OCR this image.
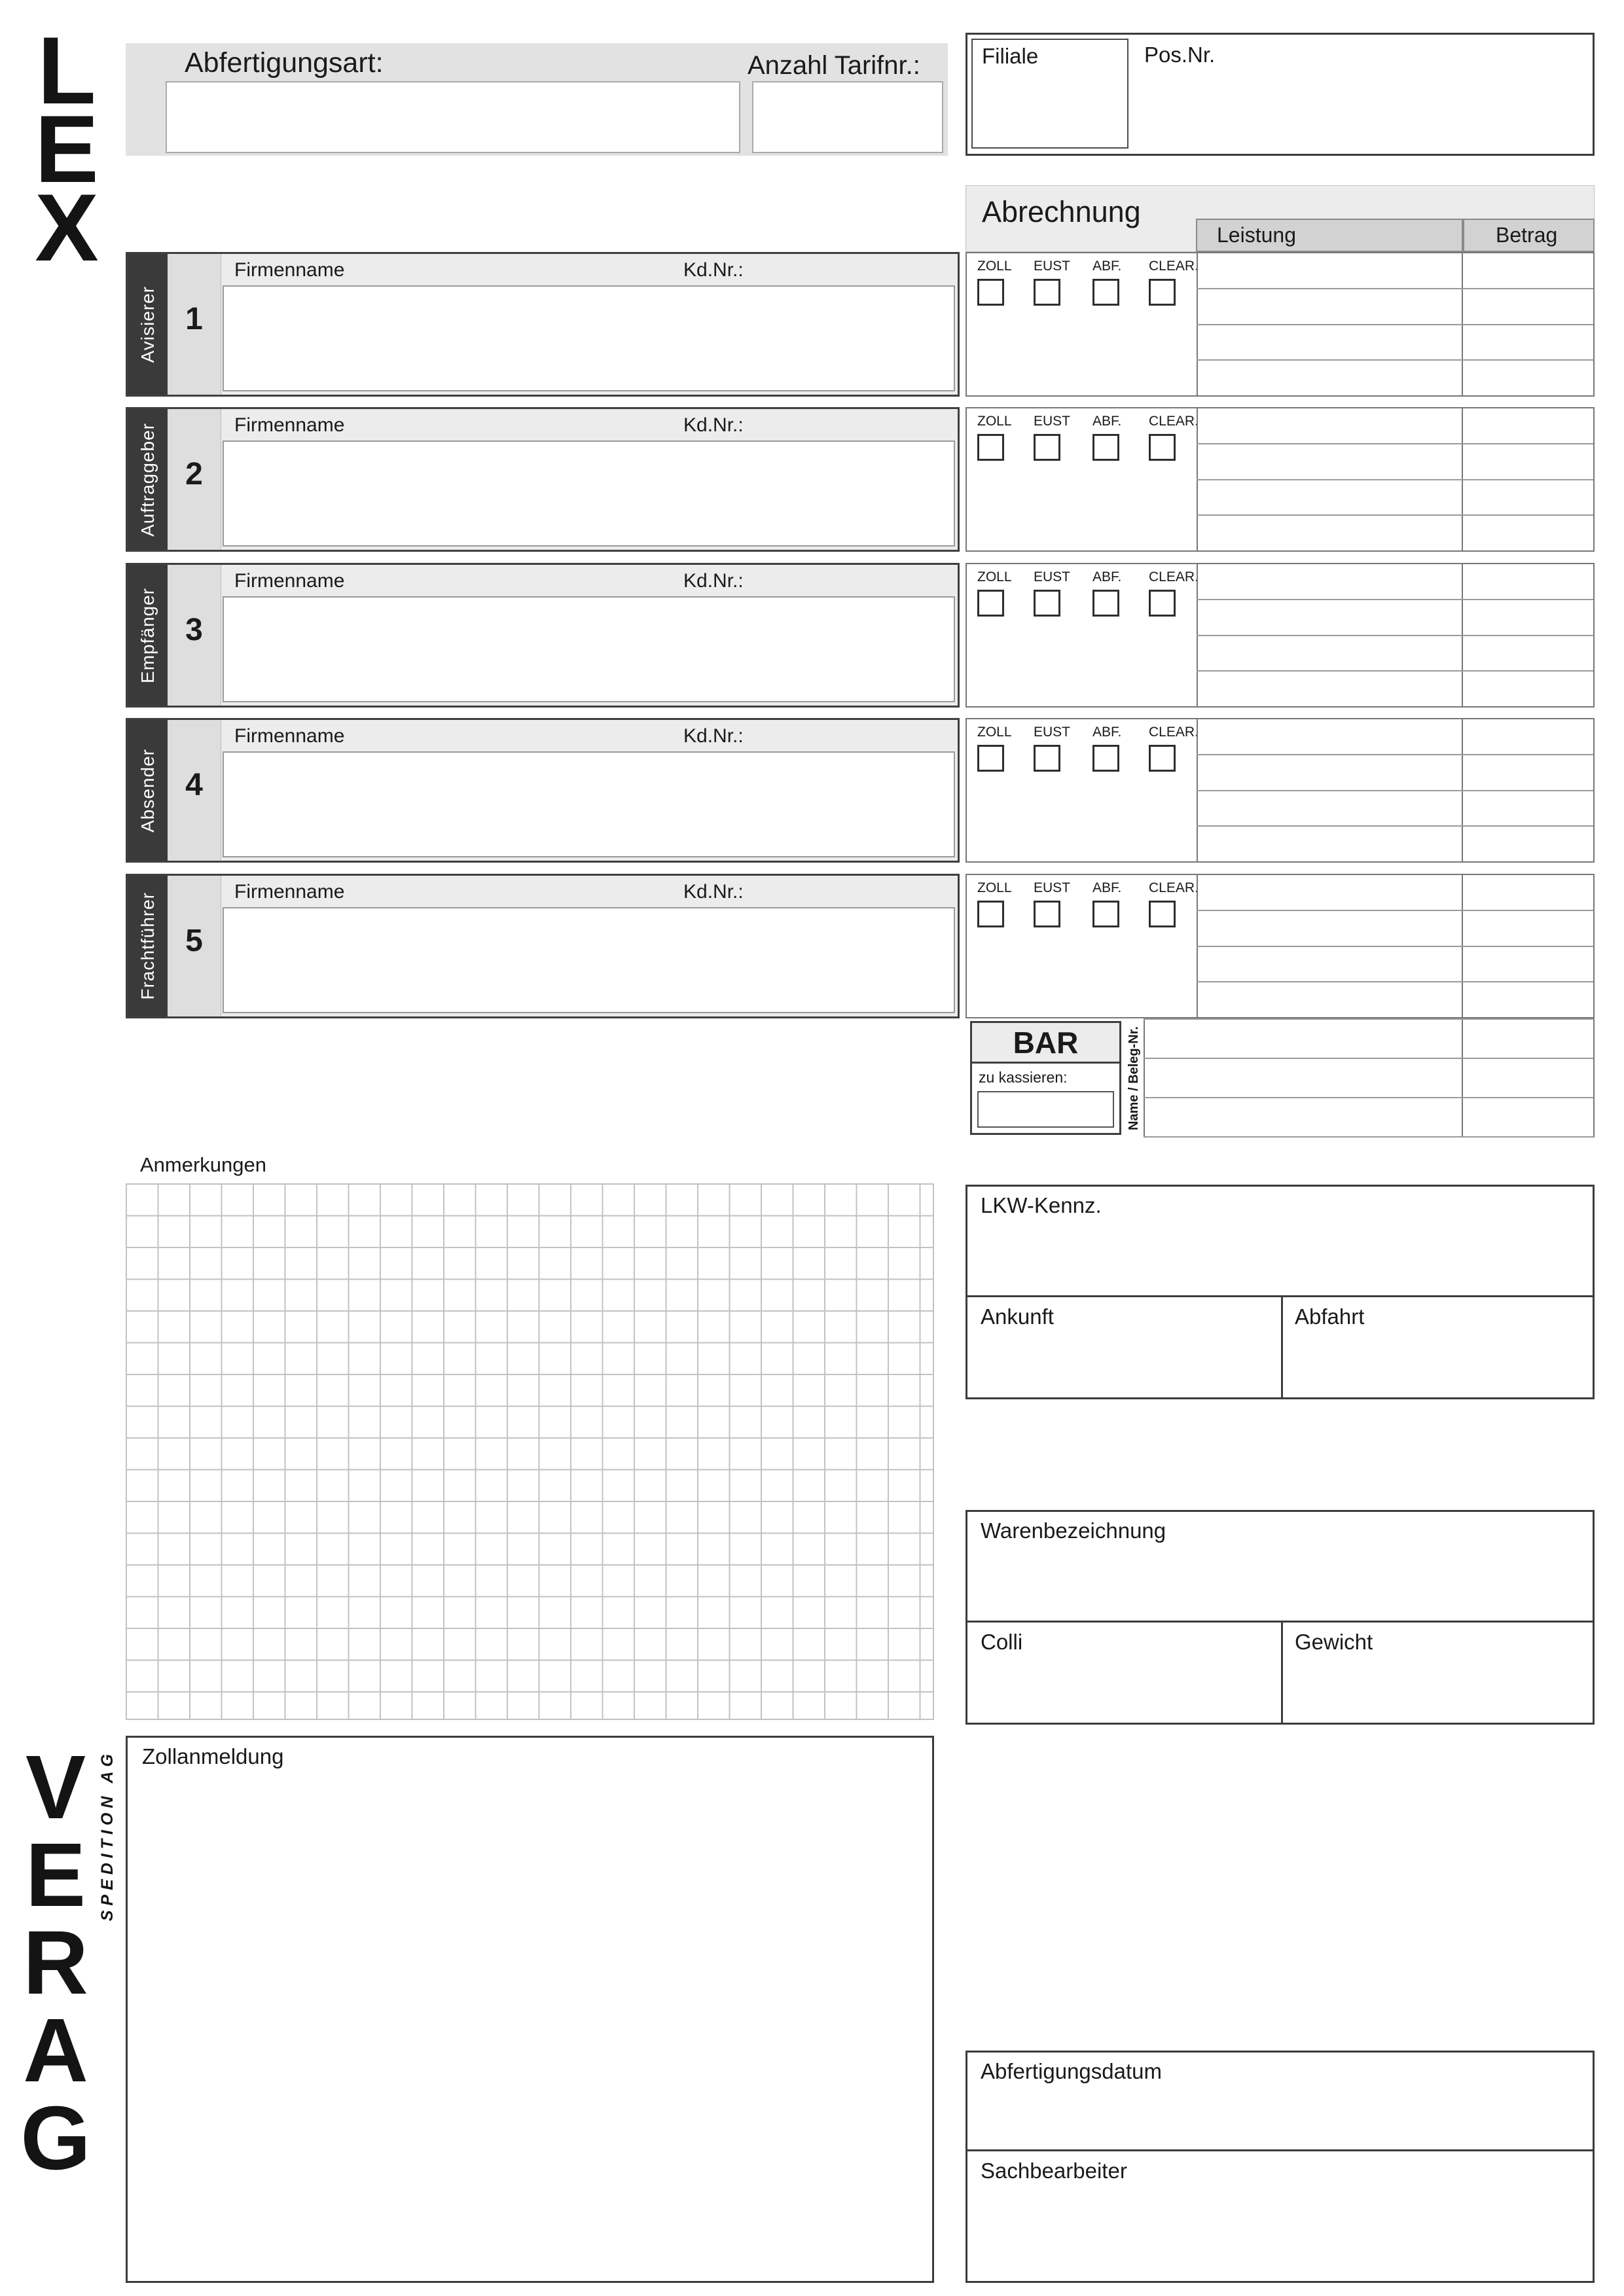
LEX
Abfertigungsart:	Anzahl Tarifnr.:	Filiale	Pos.Nr.
Abrechnung
Leistung	Betrag
Avisierer 1
Firmenname	Kd.Nr.:	ZOLL	EUST	ABF.	CLEAR.
Auftraggeber 2
Firmenname	Kd.Nr.:	ZOLL	EUST	ABF.	CLEAR.
Empfänger 3
Firmenname	Kd.Nr.:	ZOLL	EUST	ABF.	CLEAR.
Absender 4
Firmenname	Kd.Nr.:	ZOLL	EUST	ABF.	CLEAR.
Frachtführer 5
Firmenname	Kd.Nr.:	ZOLL	EUST	ABF.	CLEAR.
BAR
zu kassieren:	Name / Beleg-Nr.
Anmerkungen
LKW-Kennz.
Ankunft	Abfahrt
Warenbezeichnung
Colli	Gewicht
Zollanmeldung
VERAG
SPEDITION AG
Abfertigungsdatum
Sachbearbeiter
